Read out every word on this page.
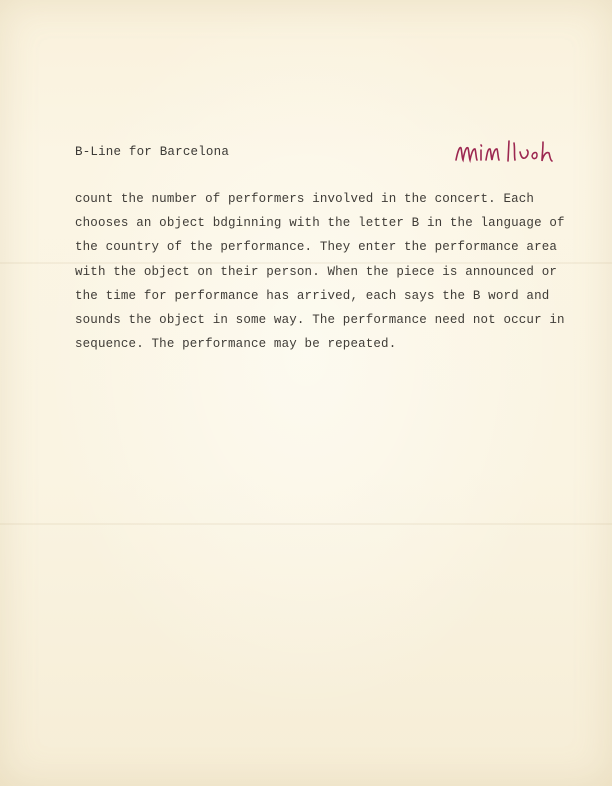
B-Line for Barcelona
count the number of performers involved in the concert. Each
chooses an object bdginning with the letter B in the language of
the country of the performance. They enter the performance area
with the object on their person. When the piece is announced or
the time for performance has arrived, each says the B word and
sounds the object in some way. The performance need not occur in
sequence. The performance may be repeated.
